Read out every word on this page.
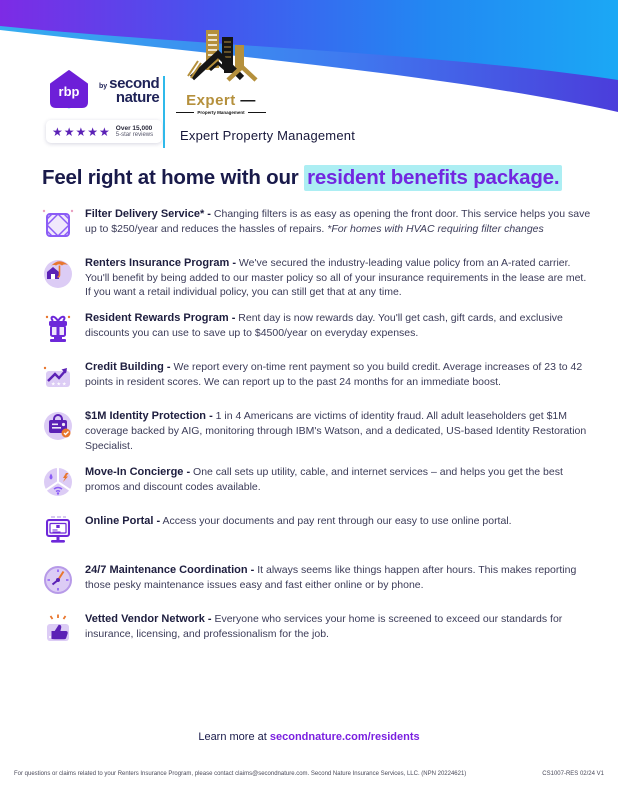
rbp	by second
nature
★★★★★ Over 15,000
5-star reviews
Expert —
Property Management
Expert Property Management
Feel right at home with our resident benefits package.

Filter Delivery Service* - Changing filters is as easy as opening the front door. This service helps you save up to $250/year and reduces the hassles of repairs. *For homes with HVAC requiring filter changes

Renters Insurance Program - We've secured the industry-leading value policy from an A-rated carrier. You'll benefit by being added to our master policy so all of your insurance requirements in the lease are met. If you want a retail individual policy, you can still get that at any time.

Resident Rewards Program - Rent day is now rewards day. You'll get cash, gift cards, and exclusive discounts you can use to save up to $4500/year on everyday expenses.

★ ★ ★

Credit Building - We report every on-time rent payment so you build credit. Average increases of 23 to 42 points in resident scores. We can report up to the past 24 months for an immediate boost.

$1M Identity Protection - 1 in 4 Americans are victims of identity fraud. All adult leaseholders get $1M coverage backed by AIG, monitoring through IBM's Watson, and a dedicated, US-based Identity Restoration Specialist.

Move-In Concierge - One call sets up utility, cable, and internet services – and helps you get the best promos and discount codes available.

Online Portal - Access your documents and pay rent through our easy to use online portal.

24/7 Maintenance Coordination - It always seems like things happen after hours. This makes reporting those pesky maintenance issues easy and fast either online or by phone.

Vetted Vendor Network - Everyone who services your home is screened to exceed our standards for insurance, licensing, and professionalism for the job.

Learn more at secondnature.com/residents
For questions or claims related to your Renters Insurance Program, please contact claims@secondnature.com. Second Nature Insurance Services, LLC. (NPN 20224621)	CS1007-RES 02/24 V1
